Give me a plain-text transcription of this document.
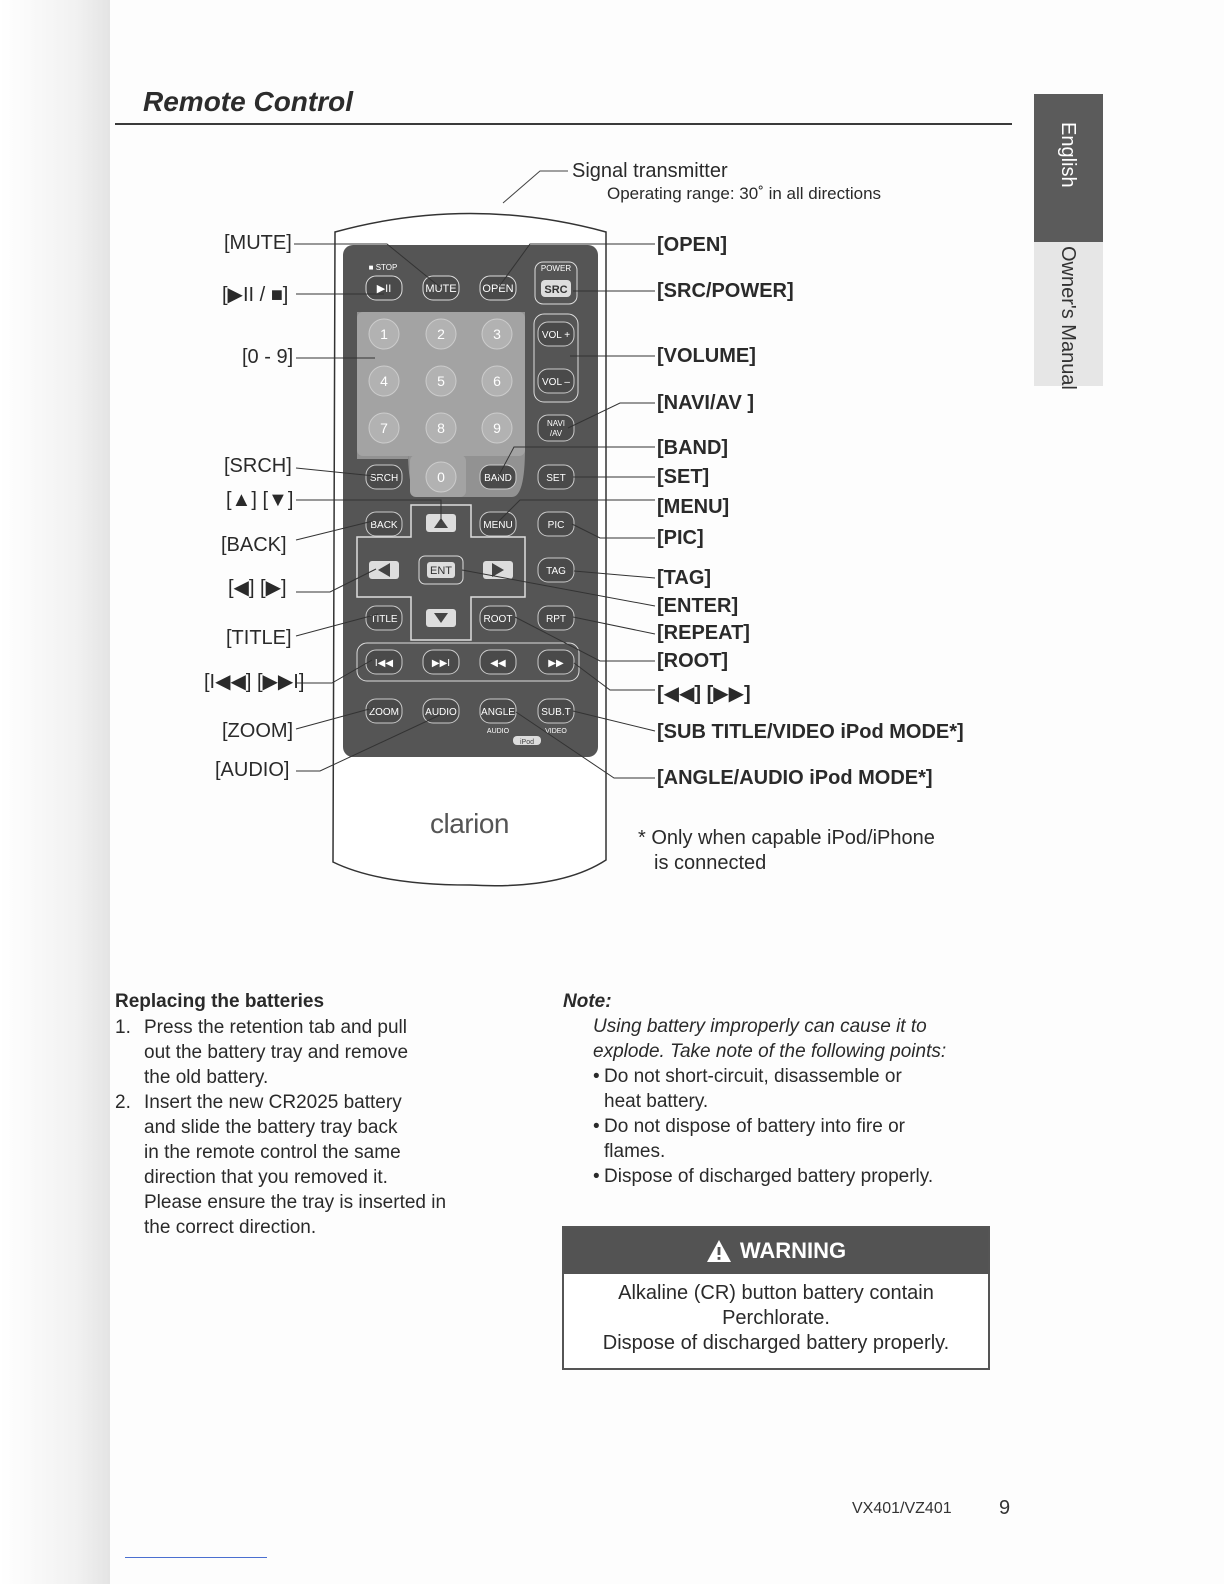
Remote Control
English
Owner's Manual
■ STOP	POWER
▶II	MUTE OPEN	SRC
1	2	3
4	5	6
7	8	9
0
VOL +
VOL –
NAVI
/AV
SRCH	BAND	SET
BACK	MENU	PIC
ENT	TAG
TITLE	ROOT	RPT
I◀◀	▶▶I	◀◀	▶▶
ZOOM	AUDIO ANGLE	SUB.T
AUDIO	VIDEO
iPod
Signal transmitter
Operating range: 30˚ in all directions
[MUTE]
[▶II / ■]
[0 - 9]
[SRCH]
[▲] [▼]
[BACK]
[◀] [▶]
[TITLE]
[I◀◀] [▶▶I]
[ZOOM]
[AUDIO]
[OPEN]
[SRC/POWER]
[VOLUME]
[NAVI/AV ]
[BAND]
[SET]
[MENU]
[PIC]
[TAG]
[ENTER]
[REPEAT]
[ROOT]
[◀◀] [▶▶]
[SUB TITLE/VIDEO iPod MODE*]
[ANGLE/AUDIO iPod MODE*]
clarion	* Only when capable iPod/iPhone
is connected
Replacing the batteries
1. Press the retention tab and pull
out the battery tray and remove
the old battery.
2. Insert the new CR2025 battery
and slide the battery tray back
in the remote control the same
direction that you removed it.
Please ensure the tray is inserted in
the correct direction.
Note:
Using battery improperly can cause it to
explode. Take note of the following points:
• Do not short-circuit, disassemble or
heat battery.
• Do not dispose of battery into fire or
flames.
• Dispose of discharged battery properly.
WARNING
Alkaline (CR) button battery contain
Perchlorate.
Dispose of discharged battery properly.
VX401/VZ401 9
